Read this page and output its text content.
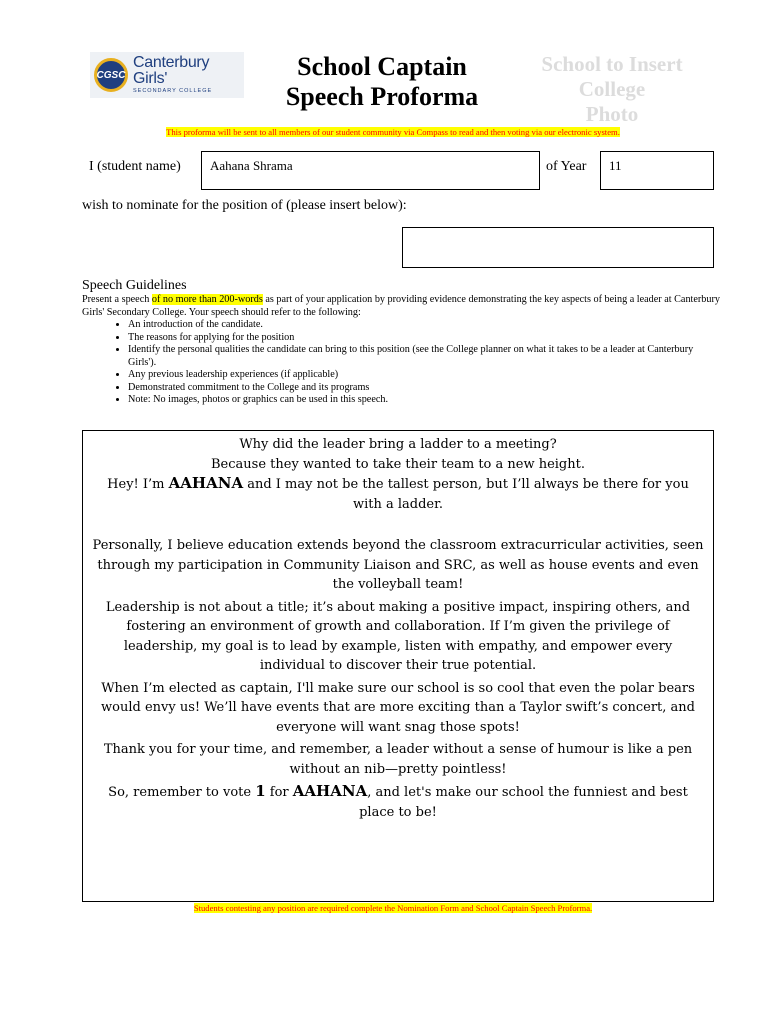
CGSC
Canterbury Girls'
SECONDARY COLLEGE
School Captain
Speech Proforma
School to Insert
College
Photo
This proforma will be sent to all members of our student community via Compass to read and then voting via our electronic system.
I (student name)	Aahana Shrama	of Year	11
wish to nominate for the position of (please insert below):
Speech Guidelines

Present a speech of no more than 200-words as part of your application by providing evidence demonstrating the key aspects of being a leader at Canterbury Girls' Secondary College. Your speech should refer to the following:

• An introduction of the candidate.
• The reasons for applying for the position
• Identify the personal qualities the candidate can bring to this position (see the College planner on what it takes to be a leader at Canterbury Girls').
• Any previous leadership experiences (if applicable)
• Demonstrated commitment to the College and its programs
• Note: No images, photos or graphics can be used in this speech.

Why did the leader bring a ladder to a meeting?
Because they wanted to take their team to a new height.

Hey! I’m AAHANA and I may not be the tallest person, but I’ll always be there for you with a ladder.

Personally, I believe education extends beyond the classroom extracurricular activities, seen through my participation in Community Liaison and SRC, as well as house events and even the volleyball team!

Leadership is not about a title; it’s about making a positive impact, inspiring others, and fostering an environment of growth and collaboration. If I’m given the privilege of leadership, my goal is to lead by example, listen with empathy, and empower every individual to discover their true potential.

When I’m elected as captain, I'll make sure our school is so cool that even the polar bears would envy us! We’ll have events that are more exciting than a Taylor swift’s concert, and everyone will want snag those spots!

Thank you for your time, and remember, a leader without a sense of humour is like a pen without an nib—pretty pointless!

So, remember to vote 1 for AAHANA, and let's make our school the funniest and best place to be!

Students contesting any position are required complete the Nomination Form and School Captain Speech Proforma.
